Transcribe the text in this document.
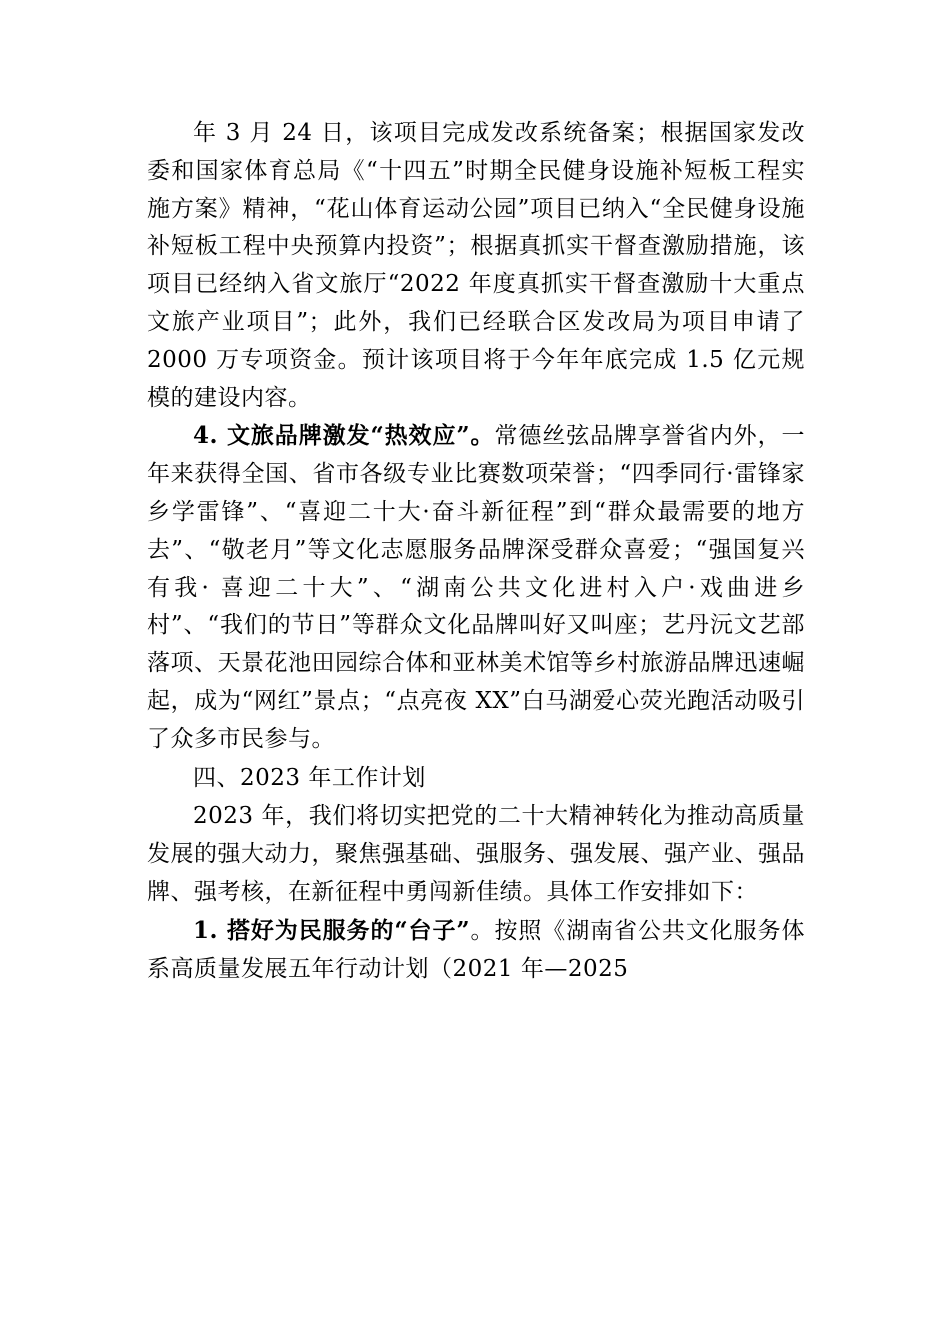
年 3 月 24 日，该项目完成发改系统备案；根据国家发改委和国家体育总局《“十四五”时期全民健身设施补短板工程实施方案》精神，“花山体育运动公园”项目已纳入“全民健身设施补短板工程中央预算内投资”；根据真抓实干督查激励措施，该项目已经纳入省文旅厅“2022 年度真抓实干督查激励十大重点文旅产业项目”；此外，我们已经联合区发改局为项目申请了 2000 万专项资金。预计该项目将于今年年底完成 1.5 亿元规模的建设内容。

4. 文旅品牌激发“热效应”。常德丝弦品牌享誉省内外，一年来获得全国、省市各级专业比赛数项荣誉；“四季同行·雷锋家乡学雷锋”、“喜迎二十大·奋斗新征程”到“群众最需要的地方去”、“敬老月”等文化志愿服务品牌深受群众喜爱；“强国复兴有我· 喜迎二十大”、“湖南公共文化进村入户·戏曲进乡村”、“我们的节日”等群众文化品牌叫好又叫座；艺丹沅文艺部落项、天景花池田园综合体和亚林美术馆等乡村旅游品牌迅速崛起，成为“网红”景点；“点亮夜 XX”白马湖爱心荧光跑活动吸引了众多市民参与。

四、2023 年工作计划

2023 年，我们将切实把党的二十大精神转化为推动高质量发展的强大动力，聚焦强基础、强服务、强发展、强产业、强品牌、强考核，在新征程中勇闯新佳绩。具体工作安排如下：

1. 搭好为民服务的“台子”。按照《湖南省公共文化服务体系高质量发展五年行动计划（2021 年—2025
